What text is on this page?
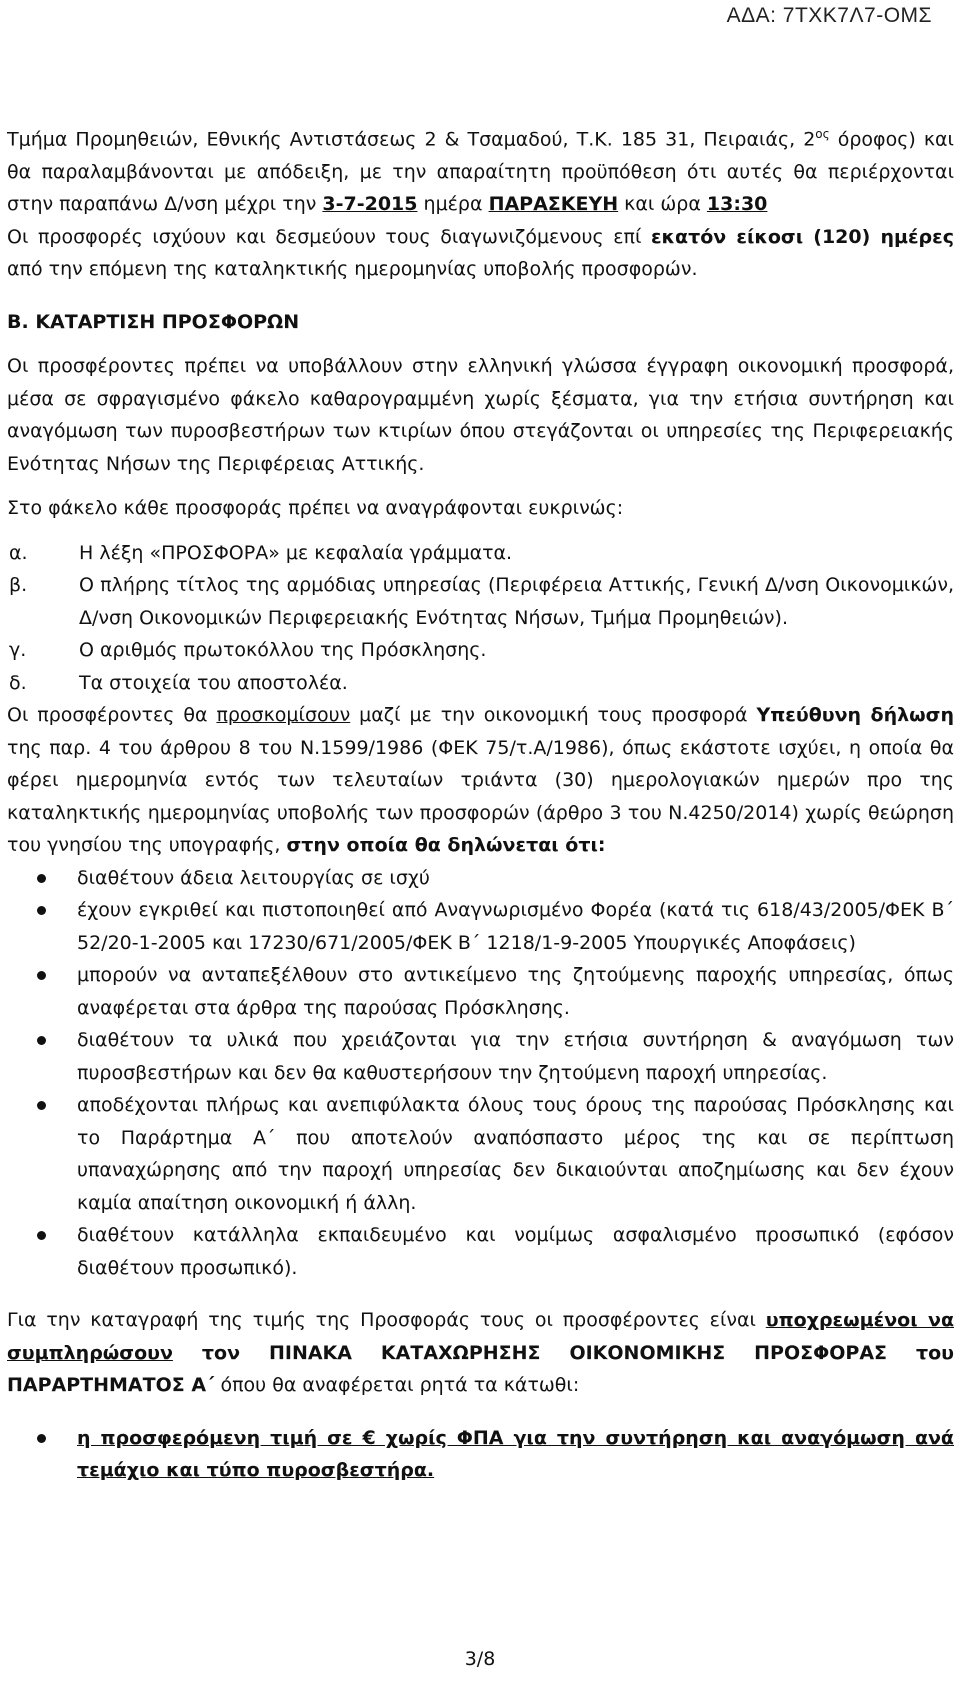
ΑΔΑ: 7ΤΧΚ7Λ7-ΟΜΣ

Τμήμα Προμηθειών, Εθνικής Αντιστάσεως 2 & Τσαμαδού, Τ.Κ. 185 31, Πειραιάς, $2^{o\varsigma}$ όροφος) και θα παραλαμβάνονται με απόδειξη, με την απαραίτητη προϋπόθεση ότι αυτές θα περιέρχονται στην παραπάνω Δ/νση μέχρι την 3-7-2015 ημέρα ΠΑΡΑΣΚΕΥΗ και ώρα 13:30

Οι προσφορές ισχύουν και δεσμεύουν τους διαγωνιζόμενους επί εκατόν είκοσι (120) ημέρες από την επόμενη της καταληκτικής ημερομηνίας υποβολής προσφορών.

Β. ΚΑΤΑΡΤΙΣΗ ΠΡΟΣΦΟΡΩΝ

Οι προσφέροντες πρέπει να υποβάλλουν στην ελληνική γλώσσα έγγραφη οικονομική προσφορά, μέσα σε σφραγισμένο φάκελο καθαρογραμμένη χωρίς ξέσματα, για την ετήσια συντήρηση και αναγόμωση των πυροσβεστήρων των κτιρίων όπου στεγάζονται οι υπηρεσίες της Περιφερειακής Ενότητας Νήσων της Περιφέρειας Αττικής.

Στο φάκελο κάθε προσφοράς πρέπει να αναγράφονται ευκρινώς:

α.	Η λέξη «ΠΡΟΣΦΟΡΑ» με κεφαλαία γράμματα.
β.	Ο πλήρης τίτλος της αρμόδιας υπηρεσίας (Περιφέρεια Αττικής, Γενική Δ/νση Οικονομικών, Δ/νση Οικονομικών Περιφερειακής Ενότητας Νήσων, Τμήμα Προμηθειών).
γ.	Ο αριθμός πρωτοκόλλου της Πρόσκλησης.
δ.	Τα στοιχεία του αποστολέα.

Οι προσφέροντες θα προσκομίσουν μαζί με την οικονομική τους προσφορά Υπεύθυνη δήλωση της παρ. 4 του άρθρου 8 του Ν.1599/1986 (ΦΕΚ 75/τ.Α/1986), όπως εκάστοτε ισχύει, η οποία θα φέρει ημερομηνία εντός των τελευταίων τριάντα (30) ημερολογιακών ημερών προ της καταληκτικής ημερομηνίας υποβολής των προσφορών (άρθρο 3 του Ν.4250/2014) χωρίς θεώρηση του γνησίου της υπογραφής, στην οποία θα δηλώνεται ότι:

διαθέτουν άδεια λειτουργίας σε ισχύ
έχουν εγκριθεί και πιστοποιηθεί από Αναγνωρισμένο Φορέα (κατά τις 618/43/2005/ΦΕΚ Β΄ 52/20-1-2005 και 17230/671/2005/ΦΕΚ Β΄ 1218/1-9-2005 Υπουργικές Αποφάσεις)
μπορούν να ανταπεξέλθουν στο αντικείμενο της ζητούμενης παροχής υπηρεσίας, όπως αναφέρεται στα άρθρα της παρούσας Πρόσκλησης.
διαθέτουν τα υλικά που χρειάζονται για την ετήσια συντήρηση & αναγόμωση των πυροσβεστήρων και δεν θα καθυστερήσουν την ζητούμενη παροχή υπηρεσίας.
αποδέχονται πλήρως και ανεπιφύλακτα όλους τους όρους της παρούσας Πρόσκλησης και το Παράρτημα Α΄ που αποτελούν αναπόσπαστο μέρος της και σε περίπτωση υπαναχώρησης από την παροχή υπηρεσίας δεν δικαιούνται αποζημίωσης και δεν έχουν καμία απαίτηση οικονομική ή άλλη.
διαθέτουν κατάλληλα εκπαιδευμένο και νομίμως ασφαλισμένο προσωπικό (εφόσον διαθέτουν προσωπικό).

Για την καταγραφή της τιμής της Προσφοράς τους οι προσφέροντες είναι υποχρεωμένοι να συμπληρώσουν τον ΠΙΝΑΚΑ ΚΑΤΑΧΩΡΗΣΗΣ ΟΙΚΟΝΟΜΙΚΗΣ ΠΡΟΣΦΟΡΑΣ του ΠΑΡΑΡΤΗΜΑΤΟΣ Α΄ όπου θα αναφέρεται ρητά τα κάτωθι:

η προσφερόμενη τιμή σε € χωρίς ΦΠΑ για την συντήρηση και αναγόμωση ανά τεμάχιο και τύπο πυροσβεστήρα.
3/8
